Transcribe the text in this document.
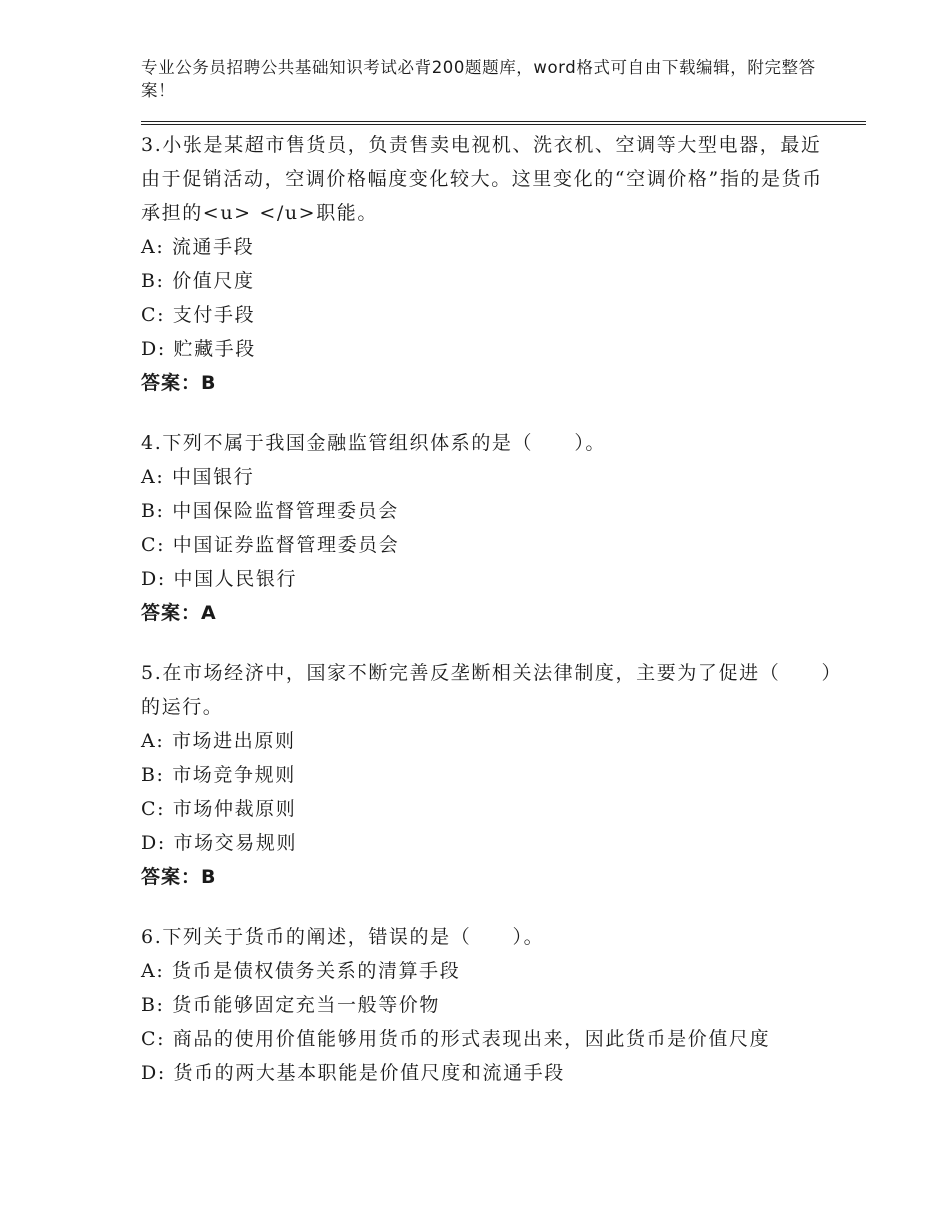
专业公务员招聘公共基础知识考试必背200题题库，word格式可自由下载编辑，附完整答案！

3.小张是某超市售货员，负责售卖电视机、洗衣机、空调等大型电器，最近由于促销活动，空调价格幅度变化较大。这里变化的“空调价格”指的是货币承担的<u> </u>职能。

A: 流通手段

B: 价值尺度

C: 支付手段

D: 贮藏手段

答案：B

4.下列不属于我国金融监管组织体系的是（　　）。

A: 中国银行

B: 中国保险监督管理委员会

C: 中国证券监督管理委员会

D: 中国人民银行

答案：A

5.在市场经济中，国家不断完善反垄断相关法律制度，主要为了促进（　　）的运行。

A: 市场进出原则

B: 市场竞争规则

C: 市场仲裁原则

D: 市场交易规则

答案：B

6.下列关于货币的阐述，错误的是（　　）。

A: 货币是债权债务关系的清算手段

B: 货币能够固定充当一般等价物

C: 商品的使用价值能够用货币的形式表现出来，因此货币是价值尺度

D: 货币的两大基本职能是价值尺度和流通手段
